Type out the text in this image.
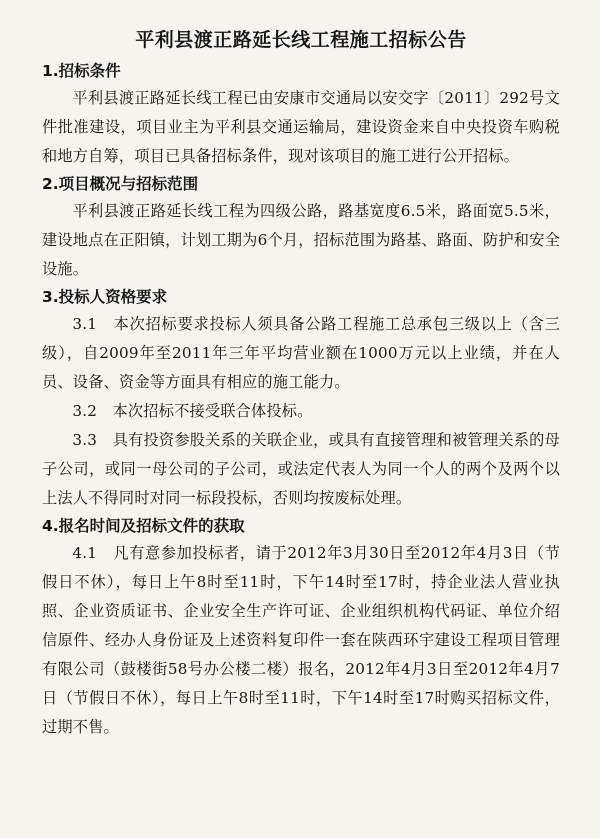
平利县渡正路延长线工程施工招标公告

1.招标条件

平利县渡正路延长线工程已由安康市交通局以安交字〔2011〕292号文件批准建设，项目业主为平利县交通运输局，建设资金来自中央投资车购税和地方自筹，项目已具备招标条件，现对该项目的施工进行公开招标。

2.项目概况与招标范围

平利县渡正路延长线工程为四级公路，路基宽度6.5米，路面宽5.5米，建设地点在正阳镇，计划工期为6个月，招标范围为路基、路面、防护和安全设施。

3.投标人资格要求

3.1　本次招标要求投标人须具备公路工程施工总承包三级以上（含三级），自2009年至2011年三年平均营业额在1000万元以上业绩，并在人员、设备、资金等方面具有相应的施工能力。

3.2　本次招标不接受联合体投标。

3.3　具有投资参股关系的关联企业，或具有直接管理和被管理关系的母子公司，或同一母公司的子公司，或法定代表人为同一个人的两个及两个以上法人不得同时对同一标段投标，否则均按废标处理。

4.报名时间及招标文件的获取

4.1　凡有意参加投标者，请于2012年3月30日至2012年4月3日（节假日不休），每日上午8时至11时，下午14时至17时，持企业法人营业执照、企业资质证书、企业安全生产许可证、企业组织机构代码证、单位介绍信原件、经办人身份证及上述资料复印件一套在陕西环宇建设工程项目管理有限公司（鼓楼街58号办公楼二楼）报名，2012年4月3日至2012年4月7日（节假日不休），每日上午8时至11时，下午14时至17时购买招标文件，过期不售。
